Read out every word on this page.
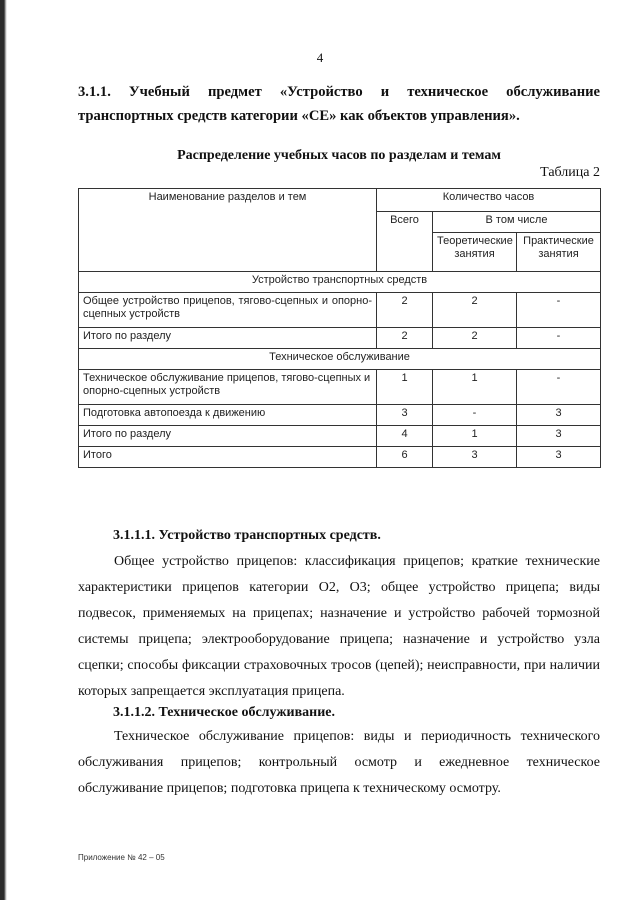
4
3.1.1. Учебный предмет «Устройство и техническое обслуживание транспортных средств категории «СЕ» как объектов управления».
Распределение учебных часов по разделам и темам
Таблица 2
Наименование разделов и тем	Количество часов		
	Всего	В том числе	
		Теоретические занятия	Практические занятия
Устройство транспортных средств			
Общее устройство прицепов, тягово-сцепных и опорно-сцепных устройств	2	2	-
Итого по разделу	2	2	-
Техническое обслуживание			
Техническое обслуживание прицепов, тягово-сцепных и опорно-сцепных устройств	1	1	-
Подготовка автопоезда к движению	3	-	3
Итого по разделу	4	1	3
Итого	6	3	3
3.1.1.1. Устройство транспортных средств.
Общее устройство прицепов: классификация прицепов; краткие технические характеристики прицепов категории О2, О3; общее устройство прицепа; виды подвесок, применяемых на прицепах; назначение и устройство рабочей тормозной системы прицепа; электрооборудование прицепа; назначение и устройство узла сцепки; способы фиксации страховочных тросов (цепей); неисправности, при наличии которых запрещается эксплуатация прицепа.
3.1.1.2. Техническое обслуживание.
Техническое обслуживание прицепов: виды и периодичность технического обслуживания прицепов; контрольный осмотр и ежедневное техническое обслуживание прицепов; подготовка прицепа к техническому осмотру.
Приложение № 42 – 05
